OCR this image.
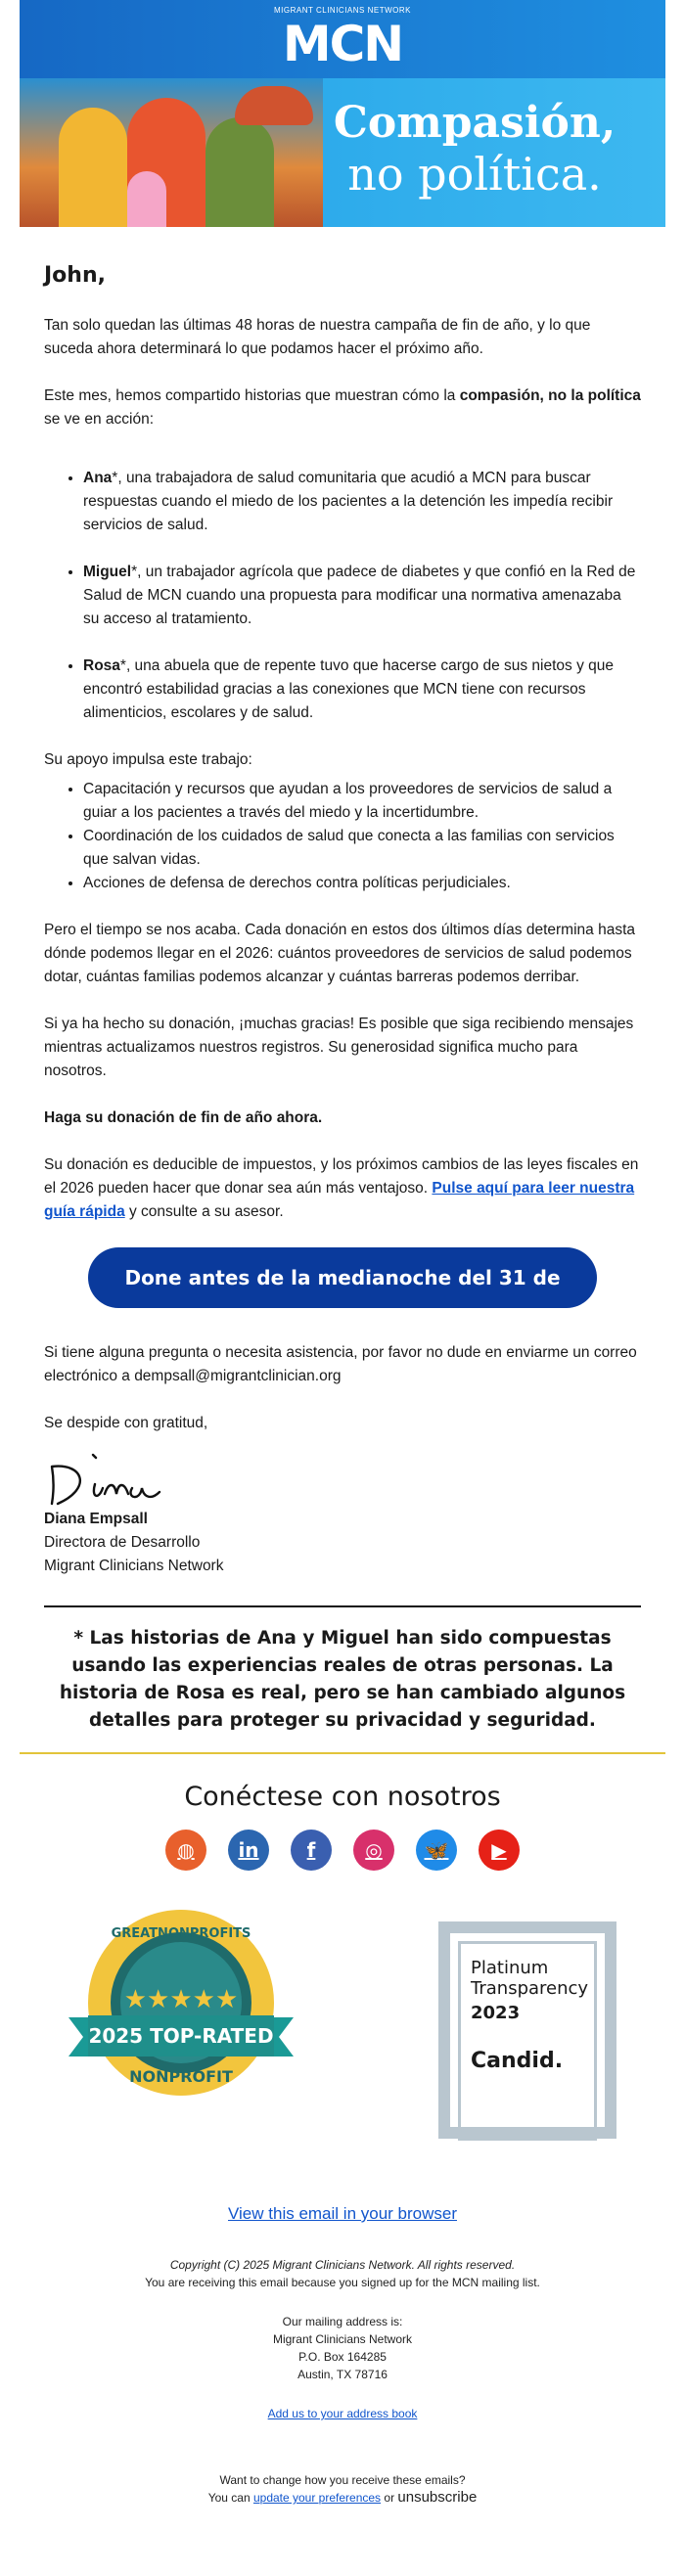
MIGRANT CLINICIANS NETWORK
MCN
Compasión,
no política.
John,

Tan solo quedan las últimas 48 horas de nuestra campaña de fin de año, y lo que suceda ahora determinará lo que podamos hacer el próximo año.

Este mes, hemos compartido historias que muestran cómo la compasión, no la política se ve en acción:

• Ana*, una trabajadora de salud comunitaria que acudió a MCN para buscar respuestas cuando el miedo de los pacientes a la detención les impedía recibir servicios de salud.
• Miguel*, un trabajador agrícola que padece de diabetes y que confió en la Red de Salud de MCN cuando una propuesta para modificar una normativa amenazaba su acceso al tratamiento.
• Rosa*, una abuela que de repente tuvo que hacerse cargo de sus nietos y que encontró estabilidad gracias a las conexiones que MCN tiene con recursos alimenticios, escolares y de salud.

Su apoyo impulsa este trabajo:

• Capacitación y recursos que ayudan a los proveedores de servicios de salud a guiar a los pacientes a través del miedo y la incertidumbre.
• Coordinación de los cuidados de salud que conecta a las familias con servicios que salvan vidas.
• Acciones de defensa de derechos contra políticas perjudiciales.

Pero el tiempo se nos acaba. Cada donación en estos dos últimos días determina hasta dónde podemos llegar en el 2026: cuántos proveedores de servicios de salud podemos dotar, cuántas familias podemos alcanzar y cuántas barreras podemos derribar.

Si ya ha hecho su donación, ¡muchas gracias! Es posible que siga recibiendo mensajes mientras actualizamos nuestros registros. Su generosidad significa mucho para nosotros.

Haga su donación de fin de año ahora.

Su donación es deducible de impuestos, y los próximos cambios de las leyes fiscales en el 2026 pueden hacer que donar sea aún más ventajoso. Pulse aquí para leer nuestra guía rápida y consulte a su asesor.

Done antes de la medianoche del 31 de diciembre

Si tiene alguna pregunta o necesita asistencia, por favor no dude en enviarme un correo electrónico a dempsall@migrantclinician.org

Se despide con gratitud,

Diana Empsall
Directora de Desarrollo
Migrant Clinicians Network
* Las historias de Ana y Miguel han sido compuestas usando las experiencias reales de otras personas. La historia de Rosa es real, pero se han cambiado algunos detalles para proteger su privacidad y seguridad.
Conéctese con nosotros
◍	in	f	◎	🦋	▶
★★★★★
2025 TOP-RATED
GREATNONPROFITS
NONPROFIT
Platinum
Transparency
2023
Candid.
View this email in your browser
Copyright (C) 2025 Migrant Clinicians Network. All rights reserved.
You are receiving this email because you signed up for the MCN mailing list.
Our mailing address is:
Migrant Clinicians Network
P.O. Box 164285
Austin, TX 78716
Add us to your address book
Want to change how you receive these emails?
You can update your preferences or unsubscribe
